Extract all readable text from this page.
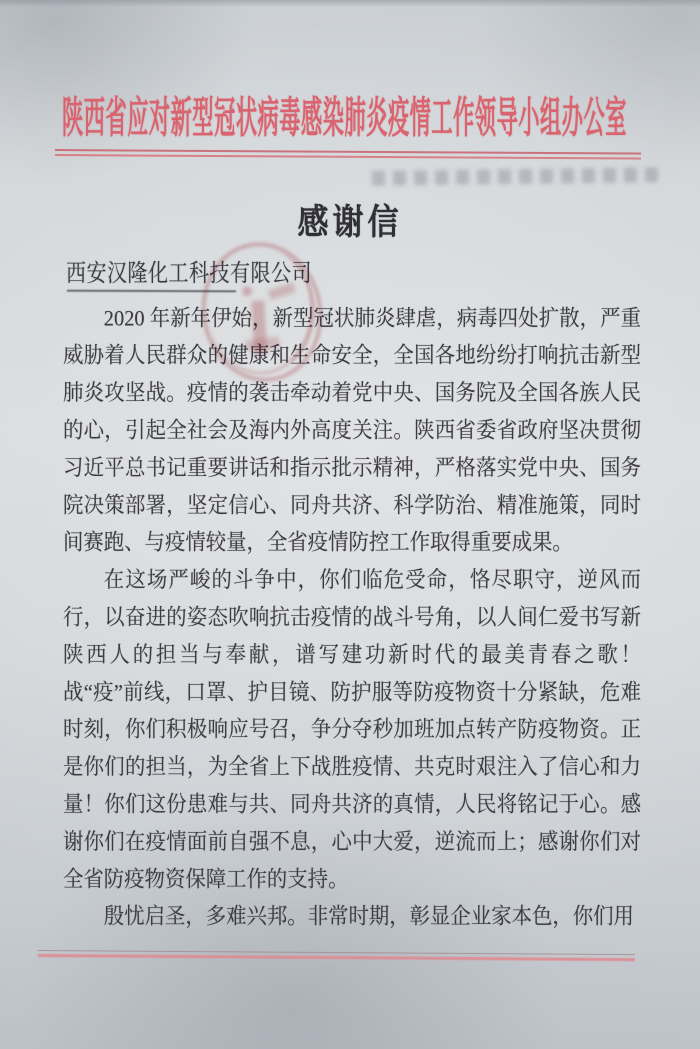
陕西省应对新型冠状病毒感染肺炎疫情工作领导小组办公室
感谢信
西安汉隆化工科技有限公司

2020 年新年伊始，新型冠状肺炎肆虐，病毒四处扩散，严重威胁着人民群众的健康和生命安全，全国各地纷纷打响抗击新型肺炎攻坚战。疫情的袭击牵动着党中央、国务院及全国各族人民的心，引起全社会及海内外高度关注。陕西省委省政府坚决贯彻习近平总书记重要讲话和指示批示精神，严格落实党中央、国务院决策部署，坚定信心、同舟共济、科学防治、精准施策，同时间赛跑、与疫情较量，全省疫情防控工作取得重要成果。

在这场严峻的斗争中，你们临危受命，恪尽职守，逆风而行，以奋进的姿态吹响抗击疫情的战斗号角，以人间仁爱书写新陕西人的担当与奉献，谱写建功新时代的最美青春之歌！战“疫”前线，口罩、护目镜、防护服等防疫物资十分紧缺，危难时刻，你们积极响应号召，争分夺秒加班加点转产防疫物资。正是你们的担当，为全省上下战胜疫情、共克时艰注入了信心和力量！你们这份患难与共、同舟共济的真情，人民将铭记于心。感谢你们在疫情面前自强不息，心中大爱，逆流而上；感谢你们对全省防疫物资保障工作的支持。

殷忧启圣，多难兴邦。非常时期，彰显企业家本色，你们用
